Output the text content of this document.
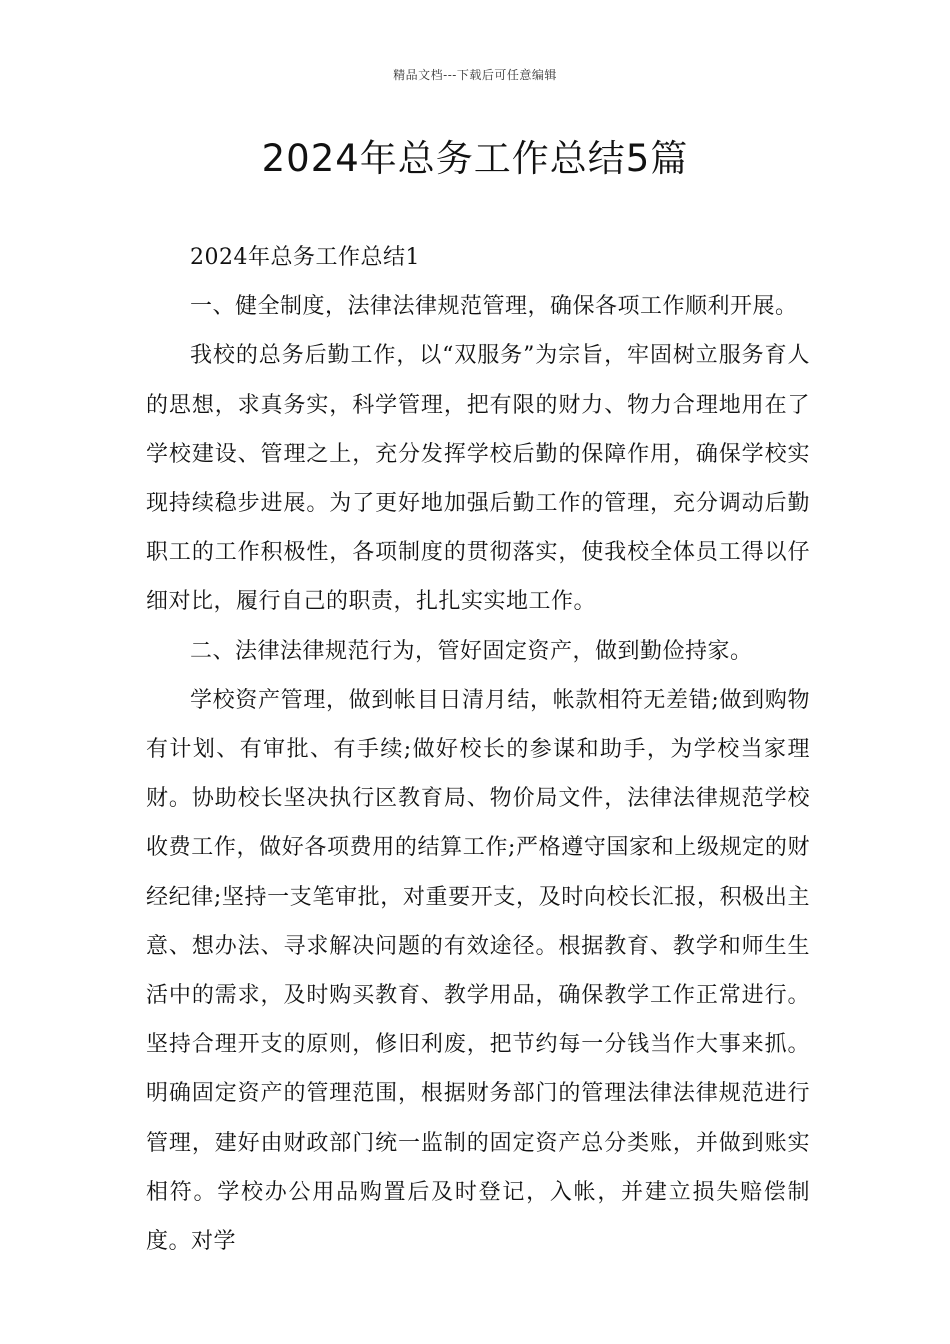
精品文档---下载后可任意编辑
2024年总务工作总结5篇

2024年总务工作总结1

一、健全制度，法律法律规范管理，确保各项工作顺利开展。

我校的总务后勤工作，以“双服务”为宗旨，牢固树立服务育人的思想，求真务实，科学管理，把有限的财力、物力合理地用在了学校建设、管理之上，充分发挥学校后勤的保障作用，确保学校实现持续稳步进展。为了更好地加强后勤工作的管理，充分调动后勤职工的工作积极性，各项制度的贯彻落实，使我校全体员工得以仔细对比，履行自己的职责，扎扎实实地工作。

二、法律法律规范行为，管好固定资产，做到勤俭持家。

学校资产管理，做到帐目日清月结，帐款相符无差错;做到购物有计划、有审批、有手续;做好校长的参谋和助手，为学校当家理财。协助校长坚决执行区教育局、物价局文件，法律法律规范学校收费工作，做好各项费用的结算工作;严格遵守国家和上级规定的财经纪律;坚持一支笔审批，对重要开支，及时向校长汇报，积极出主意、想办法、寻求解决问题的有效途径。根据教育、教学和师生生活中的需求，及时购买教育、教学用品，确保教学工作正常进行。坚持合理开支的原则，修旧利废，把节约每一分钱当作大事来抓。明确固定资产的管理范围，根据财务部门的管理法律法律规范进行管理，建好由财政部门统一监制的固定资产总分类账，并做到账实相符。学校办公用品购置后及时登记，入帐，并建立损失赔偿制度。对学
